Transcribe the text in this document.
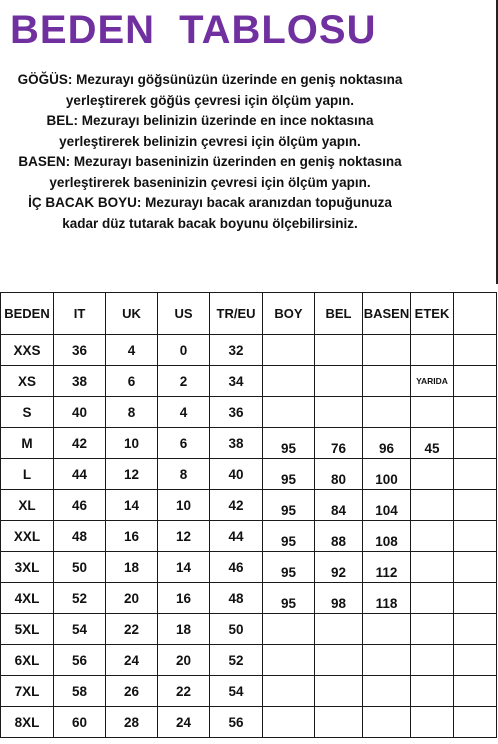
BEDEN TABLOSU
GÖĞÜS: Mezurayı göğsünüzün üzerinde en geniş noktasına
yerleştirerek göğüs çevresi için ölçüm yapın.
BEL: Mezurayı belinizin üzerinde en ince noktasına
yerleştirerek belinizin çevresi için ölçüm yapın.
BASEN: Mezurayı baseninizin üzerinden en geniş noktasına
yerleştirerek baseninizin çevresi için ölçüm yapın.
İÇ BACAK BOYU: Mezurayı bacak aranızdan topuğunuza
kadar düz tutarak bacak boyunu ölçebilirsiniz.
BEDEN	IT	UK	US	TR/EU	BOY	BEL	BASEN	ETEK	
XXS	36	4	0	32					
XS	38	6	2	34				YARIDA	
S	40	8	4	36					
M	42	10	6	38	95	76	96	45	
L	44	12	8	40	95	80	100		
XL	46	14	10	42	95	84	104		
XXL	48	16	12	44	95	88	108		
3XL	50	18	14	46	95	92	112		
4XL	52	20	16	48	95	98	118		
5XL	54	22	18	50					
6XL	56	24	20	52					
7XL	58	26	22	54					
8XL	60	28	24	56					
